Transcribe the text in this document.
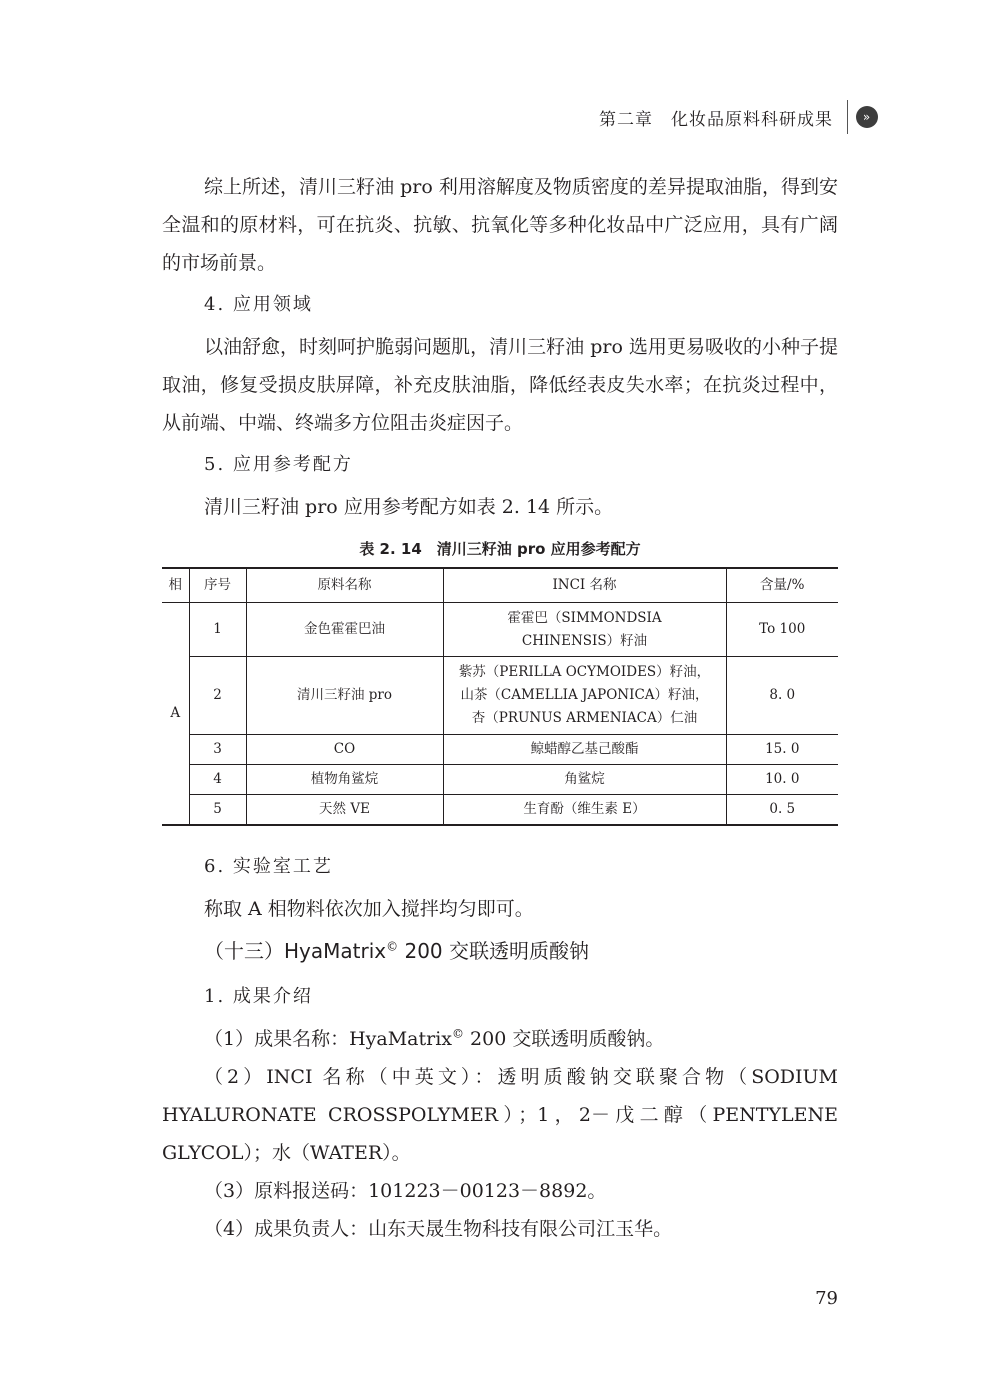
第二章 化妆品原料科研成果	»

综上所述，清川三籽油 pro 利用溶解度及物质密度的差异提取油脂，得到安全温和的原材料，可在抗炎、抗敏、抗氧化等多种化妆品中广泛应用，具有广阔的市场前景。

4. 应用领域

以油舒愈，时刻呵护脆弱问题肌，清川三籽油 pro 选用更易吸收的小种子提取油，修复受损皮肤屏障，补充皮肤油脂，降低经表皮失水率；在抗炎过程中，从前端、中端、终端多方位阻击炎症因子。

5. 应用参考配方

清川三籽油 pro 应用参考配方如表 2. 14 所示。

表 2. 14　清川三籽油 pro 应用参考配方
相	序号	原料名称	INCI 名称	含量/%
A	1	金色霍霍巴油	霍霍巴（SIMMONDSIA CHINENSIS）籽油	To 100
	2	清川三籽油 pro	紫苏（PERILLA OCYMOIDES）籽油，
山茶（CAMELLIA JAPONICA）籽油，
杏（PRUNUS ARMENIACA）仁油	8. 0
	3	CO	鲸蜡醇乙基己酸酯	15. 0
	4	植物角鲨烷	角鲨烷	10. 0
	5	天然 VE	生育酚（维生素 E）	0. 5

6. 实验室工艺

称取 A 相物料依次加入搅拌均匀即可。

（十三）HyaMatrix© 200 交联透明质酸钠

1. 成果介绍

（1）成果名称：HyaMatrix© 200 交联透明质酸钠。

（2）INCI 名称（中英文）：透明质酸钠交联聚合物（SODIUM HYALURONATE CROSSPOLYMER）；1，2－戊二醇（PENTYLENE GLYCOL）；水（WATER）。

（3）原料报送码：101223－00123－8892。

（4）成果负责人：山东天晟生物科技有限公司江玉华。

79
